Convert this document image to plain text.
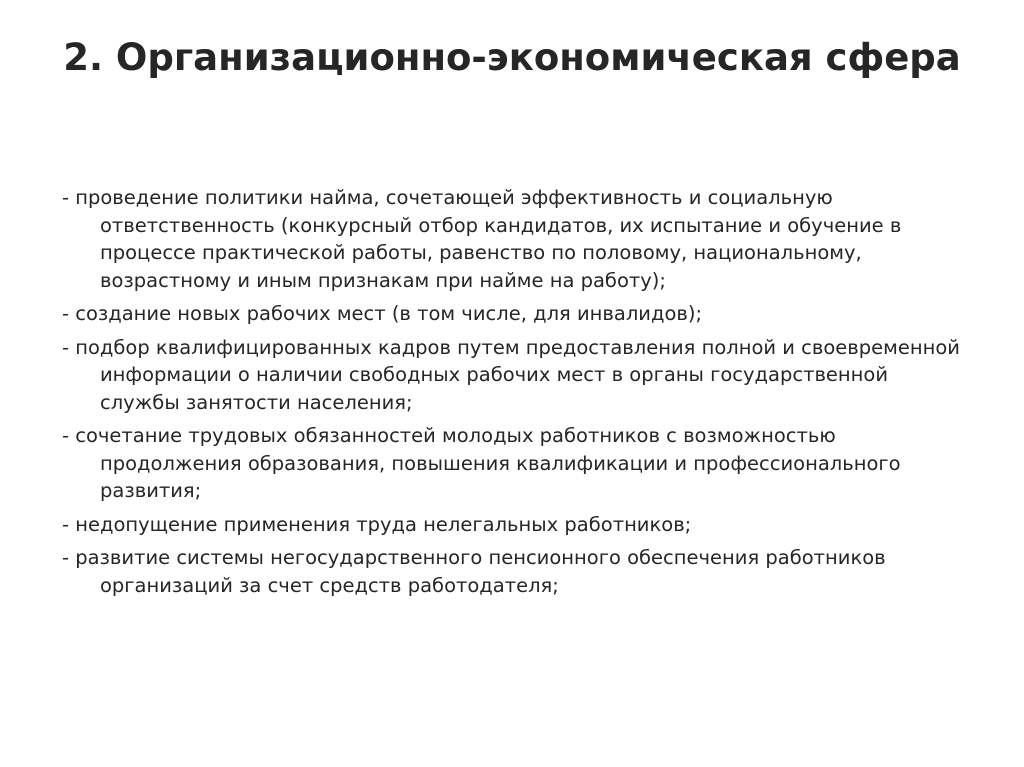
2. Организационно-экономическая сфера
- проведение политики найма, сочетающей эффективность и социальную ответственность (конкурсный отбор кандидатов, их испытание и обучение в процессе практической работы, равенство по половому, национальному, возрастному и иным признакам при найме на работу);
- создание новых рабочих мест (в том числе, для инвалидов);
- подбор квалифицированных кадров путем предоставления полной и своевременной информации о наличии свободных рабочих мест в органы государственной службы занятости населения;
- сочетание трудовых обязанностей молодых работников с возможностью продолжения образования, повышения квалификации и профессионального развития;
- недопущение применения труда нелегальных работников;
- развитие системы негосударственного пенсионного обеспечения работников организаций за счет средств работодателя;
